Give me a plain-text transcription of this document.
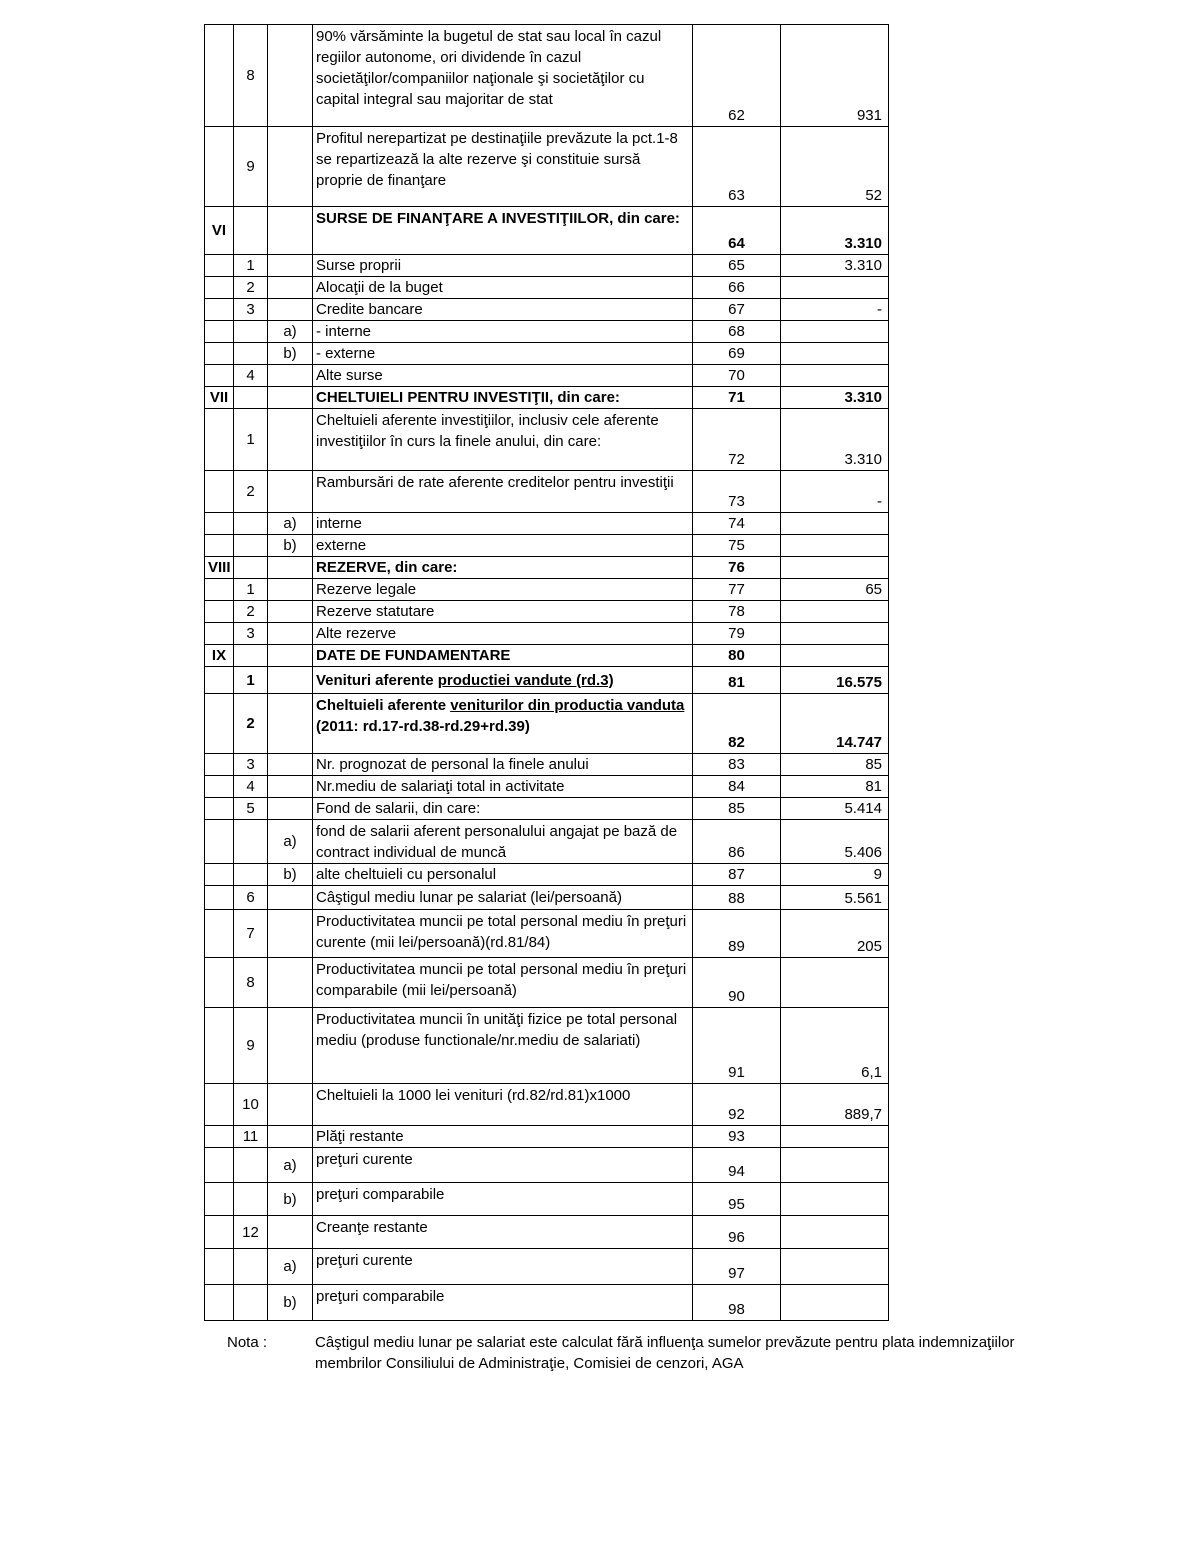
	8		90% vărsăminte la bugetul de stat sau local în cazul regiilor autonome, ori dividende în cazul societăţilor/companiilor naţionale şi societăţilor cu capital integral sau majoritar de stat	62	931
	9		Profitul nerepartizat pe destinaţiile prevăzute la pct.1-8 se repartizează la alte rezerve şi constituie sursă proprie de finanţare	63	52
VI			SURSE DE FINANŢARE A INVESTIŢIILOR, din care:	64	3.310
	1		Surse proprii	65	3.310
	2		Alocaţii de la buget	66	
	3		Credite bancare	67	-
		a)	- interne	68	
		b)	- externe	69	
	4		Alte surse	70	
VII			CHELTUIELI PENTRU INVESTIŢII, din care:	71	3.310
	1		Cheltuieli aferente investiţiilor, inclusiv cele aferente investiţiilor în curs la finele anului, din care:	72	3.310
	2		Rambursări de rate aferente creditelor pentru investiţii	73	-
		a)	interne	74	
		b)	externe	75	
VIII			REZERVE, din care:	76	
	1		Rezerve legale	77	65
	2		Rezerve statutare	78	
	3		Alte rezerve	79	
IX			DATE DE FUNDAMENTARE	80	
	1		Venituri aferente productiei vandute (rd.3)	81	16.575
	2		Cheltuieli aferente veniturilor din productia vanduta (2011: rd.17-rd.38-rd.29+rd.39)	82	14.747
	3		Nr. prognozat de personal la finele anului	83	85
	4		Nr.mediu de salariaţi total in activitate	84	81
	5		Fond de salarii, din care:	85	5.414
		a)	fond de salarii aferent personalului angajat pe bază de contract individual de muncă	86	5.406
		b)	alte cheltuieli cu personalul	87	9
	6		Câştigul mediu lunar pe salariat (lei/persoană)	88	5.561
	7		Productivitatea muncii pe total personal mediu în preţuri curente (mii lei/persoană)(rd.81/84)	89	205
	8		Productivitatea muncii pe total personal mediu în preţuri comparabile (mii lei/persoană)	90	
	9		Productivitatea muncii în unităţi fizice pe total personal mediu (produse functionale/nr.mediu de salariati)	91	6,1
	10		Cheltuieli la 1000 lei venituri (rd.82/rd.81)x1000	92	889,7
	11		Plăţi restante	93	
		a)	preţuri curente	94	
		b)	preţuri comparabile	95	
	12		Creanţe restante	96	
		a)	preţuri curente	97	
		b)	preţuri comparabile	98	
Nota :	Câştigul mediu lunar pe salariat este calculat fără influenţa sumelor prevăzute pentru plata indemnizaţiilor membrilor Consiliului de Administraţie, Comisiei de cenzori, AGA
